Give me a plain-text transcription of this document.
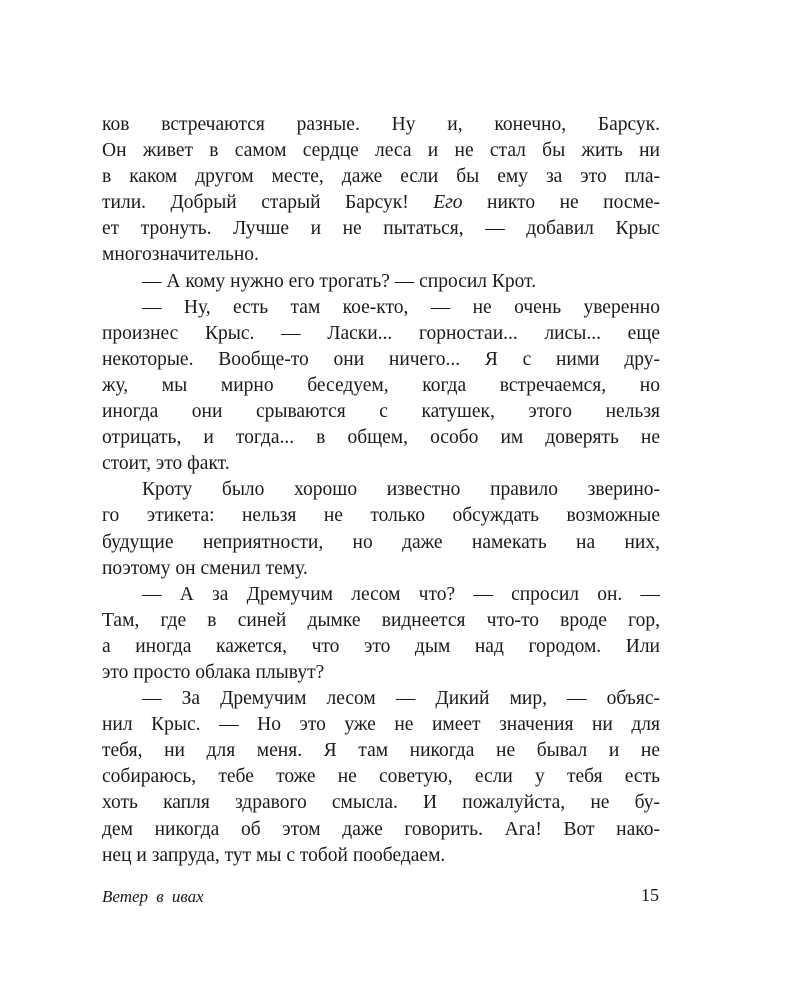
ков встречаются разные. Ну и, конечно, Барсук.
Он живет в самом сердце леса и не стал бы жить ни
в каком другом месте, даже если бы ему за это пла-
тили. Добрый старый Барсук! Его никто не посме-
ет тронуть. Лучше и не пытаться, — добавил Крыс
многозначительно.
— А кому нужно его трогать? — спросил Крот.
— Ну, есть там кое-кто, — не очень уверенно
произнес Крыс. — Ласки... горностаи... лисы... еще
некоторые. Вообще-то они ничего... Я с ними дру-
жу, мы мирно беседуем, когда встречаемся, но
иногда они срываются с катушек, этого нельзя
отрицать, и тогда... в общем, особо им доверять не
стоит, это факт.
Кроту было хорошо известно правило зверино-
го этикета: нельзя не только обсуждать возможные
будущие неприятности, но даже намекать на них,
поэтому он сменил тему.
— А за Дремучим лесом что? — спросил он. —
Там, где в синей дымке виднеется что-то вроде гор,
а иногда кажется, что это дым над городом. Или
это просто облака плывут?
— За Дремучим лесом — Дикий мир, — объяс-
нил Крыс. — Но это уже не имеет значения ни для
тебя, ни для меня. Я там никогда не бывал и не
собираюсь, тебе тоже не советую, если у тебя есть
хоть капля здравого смысла. И пожалуйста, не бу-
дем никогда об этом даже говорить. Ага! Вот нако-
нец и запруда, тут мы с тобой пообедаем.
Ветер в ивах	15
